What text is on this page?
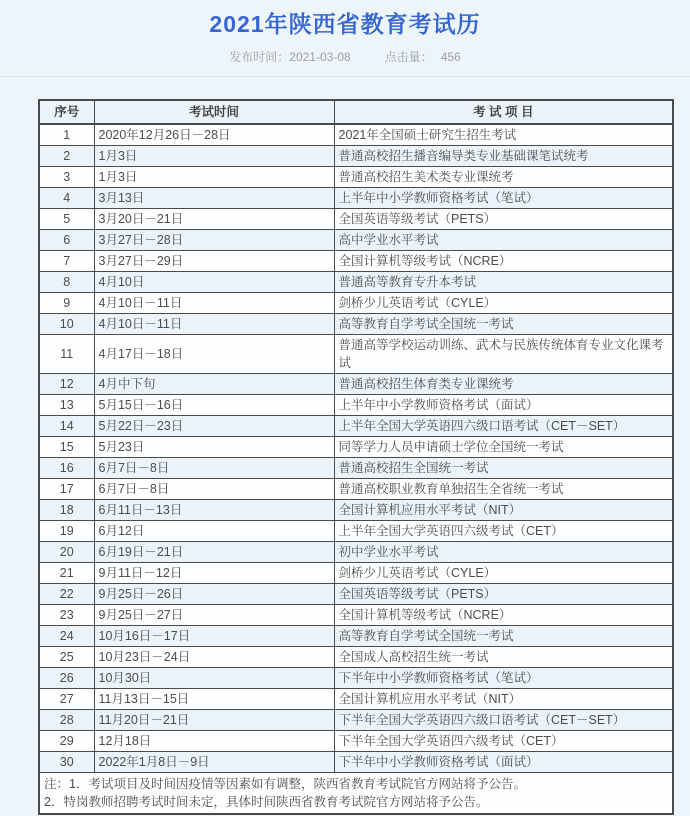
2021年陕西省教育考试历
发布时间： 2021-03-08	点击量： 456
序号	考试时间	考 试 项 目
1	2020年12月26日－28日	2021年全国硕士研究生招生考试
2	1月3日	普通高校招生播音编导类专业基础课笔试统考
3	1月3日	普通高校招生美术类专业课统考
4	3月13日	上半年中小学教师资格考试（笔试）
5	3月20日－21日	全国英语等级考试（PETS）
6	3月27日－28日	高中学业水平考试
7	3月27日－29日	全国计算机等级考试（NCRE）
8	4月10日	普通高等教育专升本考试
9	4月10日－11日	剑桥少儿英语考试（CYLE）
10	4月10日－11日	高等教育自学考试全国统一考试
11	4月17日－18日	普通高等学校运动训练、武术与民族传统体育专业文化课考试
12	4月中下旬	普通高校招生体育类专业课统考
13	5月15日－16日	上半年中小学教师资格考试（面试）
14	5月22日－23日	上半年全国大学英语四六级口语考试（CET－SET）
15	5月23日	同等学力人员申请硕士学位全国统一考试
16	6月7日－8日	普通高校招生全国统一考试
17	6月7日－8日	普通高校职业教育单独招生全省统一考试
18	6月11日－13日	全国计算机应用水平考试（NIT）
19	6月12日	上半年全国大学英语四六级考试（CET）
20	6月19日－21日	初中学业水平考试
21	9月11日－12日	剑桥少儿英语考试（CYLE）
22	9月25日－26日	全国英语等级考试（PETS）
23	9月25日－27日	全国计算机等级考试（NCRE）
24	10月16日－17日	高等教育自学考试全国统一考试
25	10月23日－24日	全国成人高校招生统一考试
26	10月30日	下半年中小学教师资格考试（笔试）
27	11月13日－15日	全国计算机应用水平考试（NIT）
28	11月20日－21日	下半年全国大学英语四六级口语考试（CET－SET）
29	12月18日	下半年全国大学英语四六级考试（CET）
30	2022年1月8日－9日	下半年中小学教师资格考试（面试）

注：1．考试项目及时间因疫情等因素如有调整，陕西省教育考试院官方网站将予公告。
2．特岗教师招聘考试时间未定，具体时间陕西省教育考试院官方网站将予公告。		
